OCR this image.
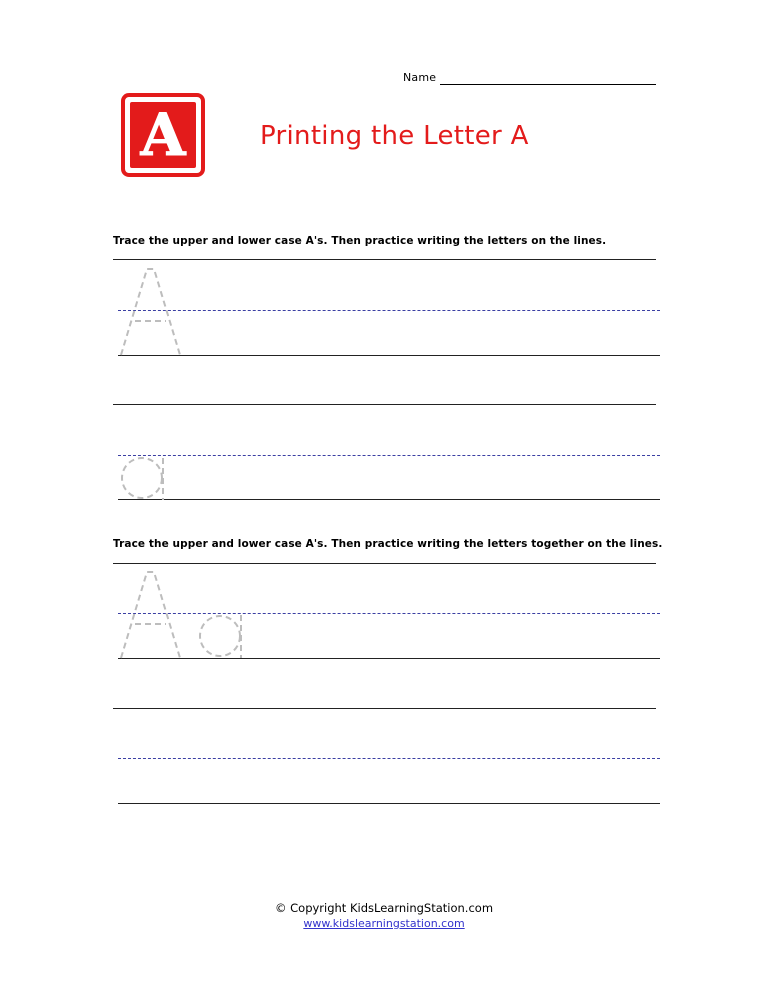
Name
A	Printing the Letter A
Trace the upper and lower case A's. Then practice writing the letters on the lines.
Trace the upper and lower case A's. Then practice writing the letters together on the lines.
© Copyright KidsLearningStation.com
www.kidslearningstation.com
